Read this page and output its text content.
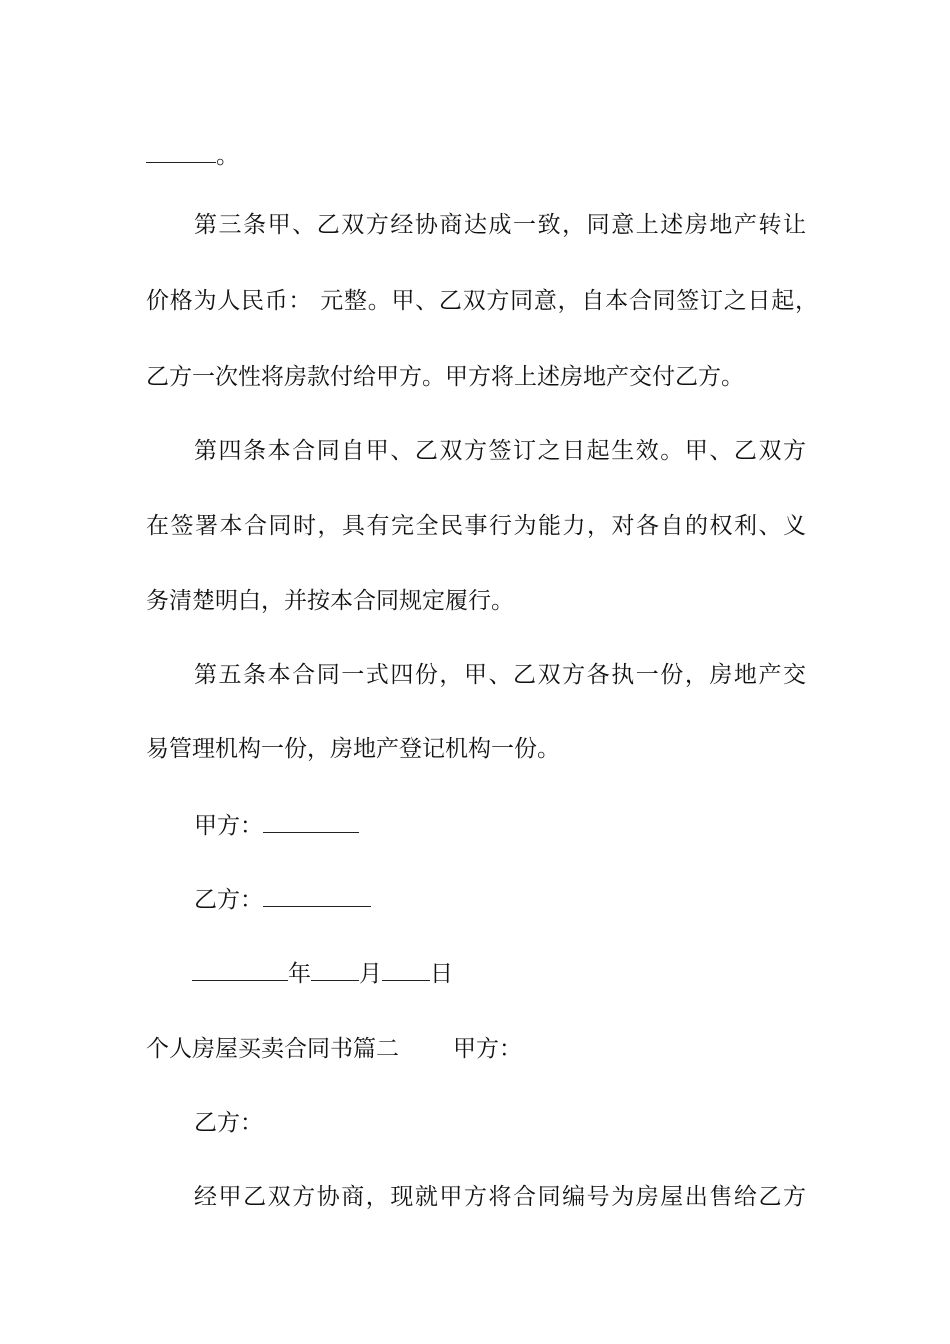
。
第三条甲、乙双方经协商达成一致，同意上述房地产转让
价格为人民币： 元整。甲、乙双方同意，自本合同签订之日起，
乙方一次性将房款付给甲方。甲方将上述房地产交付乙方。
第四条本合同自甲、乙双方签订之日起生效。甲、乙双方
在签署本合同时，具有完全民事行为能力，对各自的权利、义
务清楚明白，并按本合同规定履行。
第五条本合同一式四份，甲、乙双方各执一份，房地产交
易管理机构一份，房地产登记机构一份。
甲方：
乙方：
年 月 日
个人房屋买卖合同书篇二 甲方：
乙方：
经甲乙双方协商，现就甲方将合同编号为房屋出售给乙方
